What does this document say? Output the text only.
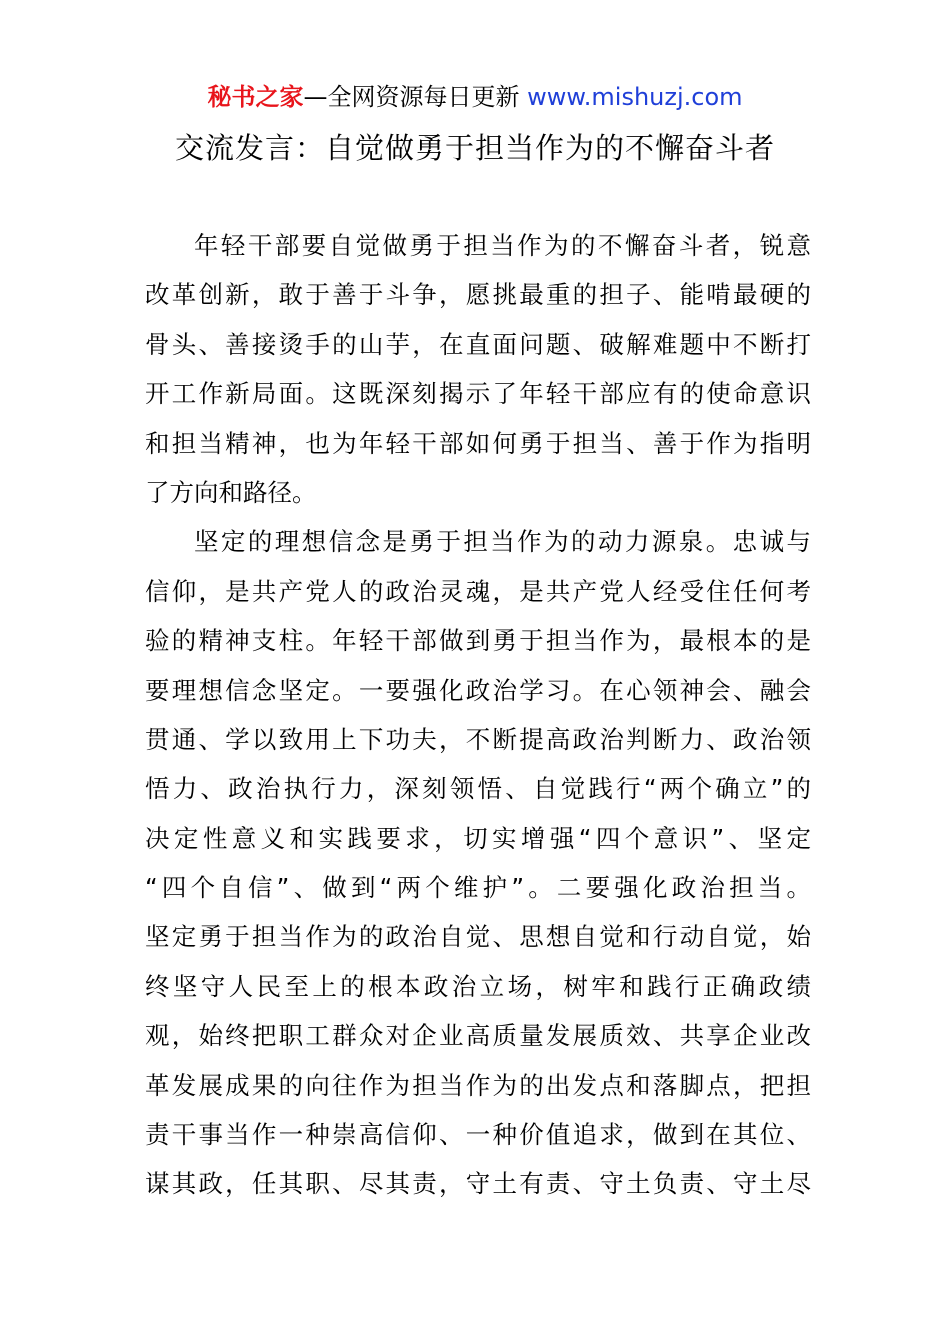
秘书之家—全网资源每日更新 www.mishuzj.com
交流发言：自觉做勇于担当作为的不懈奋斗者
年轻干部要自觉做勇于担当作为的不懈奋斗者，锐意
改革创新，敢于善于斗争，愿挑最重的担子、能啃最硬的
骨头、善接烫手的山芋，在直面问题、破解难题中不断打
开工作新局面。这既深刻揭示了年轻干部应有的使命意识
和担当精神，也为年轻干部如何勇于担当、善于作为指明
了方向和路径。
坚定的理想信念是勇于担当作为的动力源泉。忠诚与
信仰，是共产党人的政治灵魂，是共产党人经受住任何考
验的精神支柱。年轻干部做到勇于担当作为，最根本的是
要理想信念坚定。一要强化政治学习。在心领神会、融会
贯通、学以致用上下功夫，不断提高政治判断力、政治领
悟力、政治执行力，深刻领悟、自觉践行“两个确立”的
决定性意义和实践要求，切实增强“四个意识”、坚定
“四个自信”、做到“两个维护”。二要强化政治担当。
坚定勇于担当作为的政治自觉、思想自觉和行动自觉，始
终坚守人民至上的根本政治立场，树牢和践行正确政绩
观，始终把职工群众对企业高质量发展质效、共享企业改
革发展成果的向往作为担当作为的出发点和落脚点，把担
责干事当作一种崇高信仰、一种价值追求，做到在其位、
谋其政，任其职、尽其责，守土有责、守土负责、守土尽
